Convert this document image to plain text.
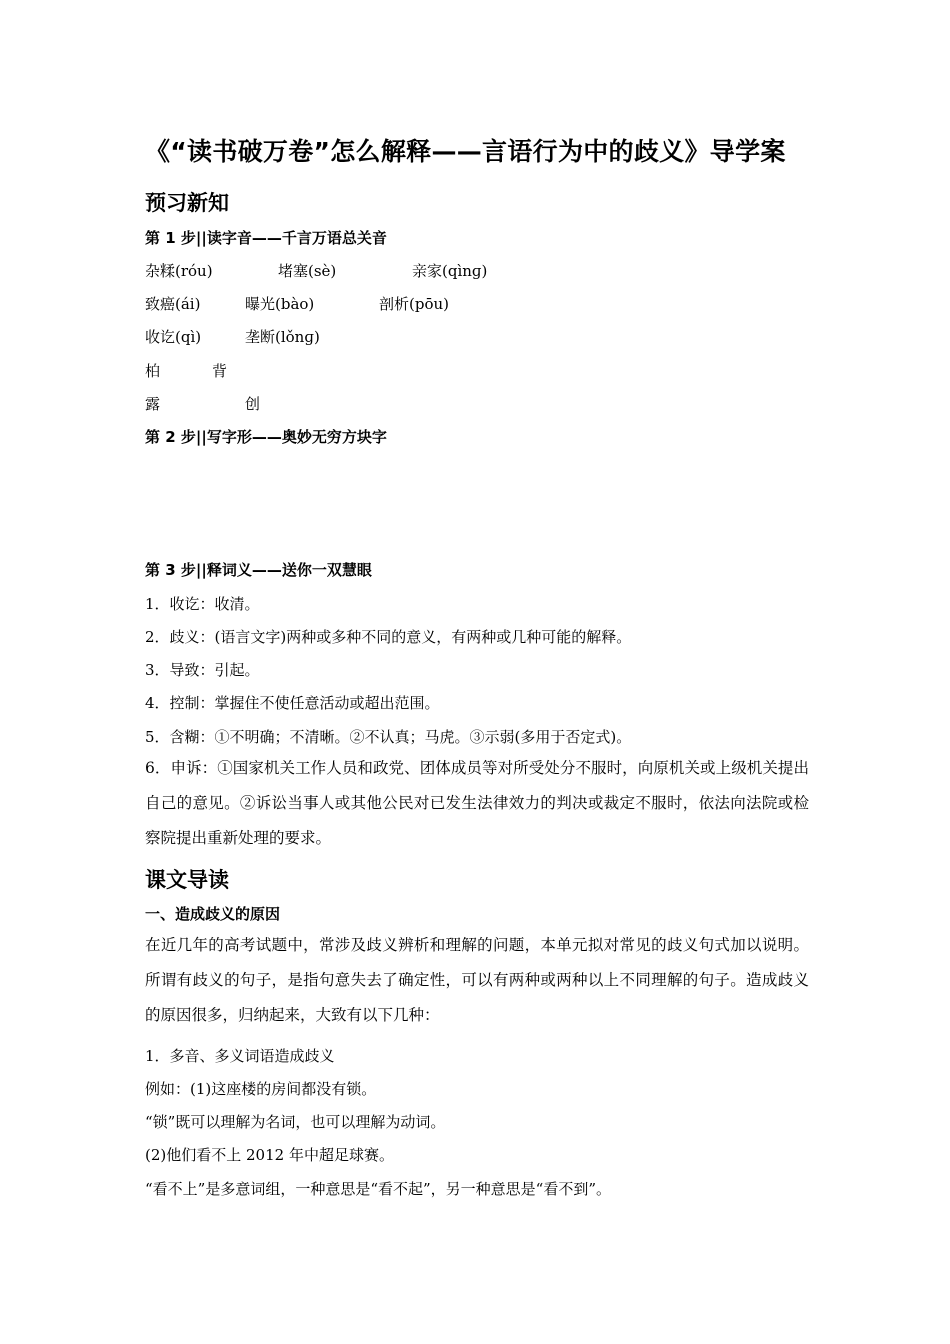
《“读书破万卷”怎么解释——言语行为中的歧义》导学案
预习新知
第 1 步||读字音——千言万语总关音
杂糅(róu)	堵塞(sè)	亲家(qìnɡ)
致癌(ái)	曝光(bào)	剖析(pōu)
收讫(qì)	垄断(lǒnɡ)
柏	背
露	创
第 2 步||写字形——奥妙无穷方块字
第 3 步||释词义——送你一双慧眼
1．收讫：收清。
2．歧义：(语言文字)两种或多种不同的意义，有两种或几种可能的解释。
3．导致：引起。
4．控制：掌握住不使任意活动或超出范围。
5．含糊：①不明确；不清晰。②不认真；马虎。③示弱(多用于否定式)。
6．申诉：①国家机关工作人员和政党、团体成员等对所受处分不服时，向原机关或上级机关提出自己的意见。②诉讼当事人或其他公民对已发生法律效力的判决或裁定不服时，依法向法院或检察院提出重新处理的要求。
课文导读
一、造成歧义的原因
在近几年的高考试题中，常涉及歧义辨析和理解的问题，本单元拟对常见的歧义句式加以说明。所谓有歧义的句子，是指句意失去了确定性，可以有两种或两种以上不同理解的句子。造成歧义的原因很多，归纳起来，大致有以下几种：
1．多音、多义词语造成歧义
例如：(1)这座楼的房间都没有锁。
“锁”既可以理解为名词，也可以理解为动词。
(2)他们看不上 2012 年中超足球赛。
“看不上”是多意词组，一种意思是“看不起”，另一种意思是“看不到”。
